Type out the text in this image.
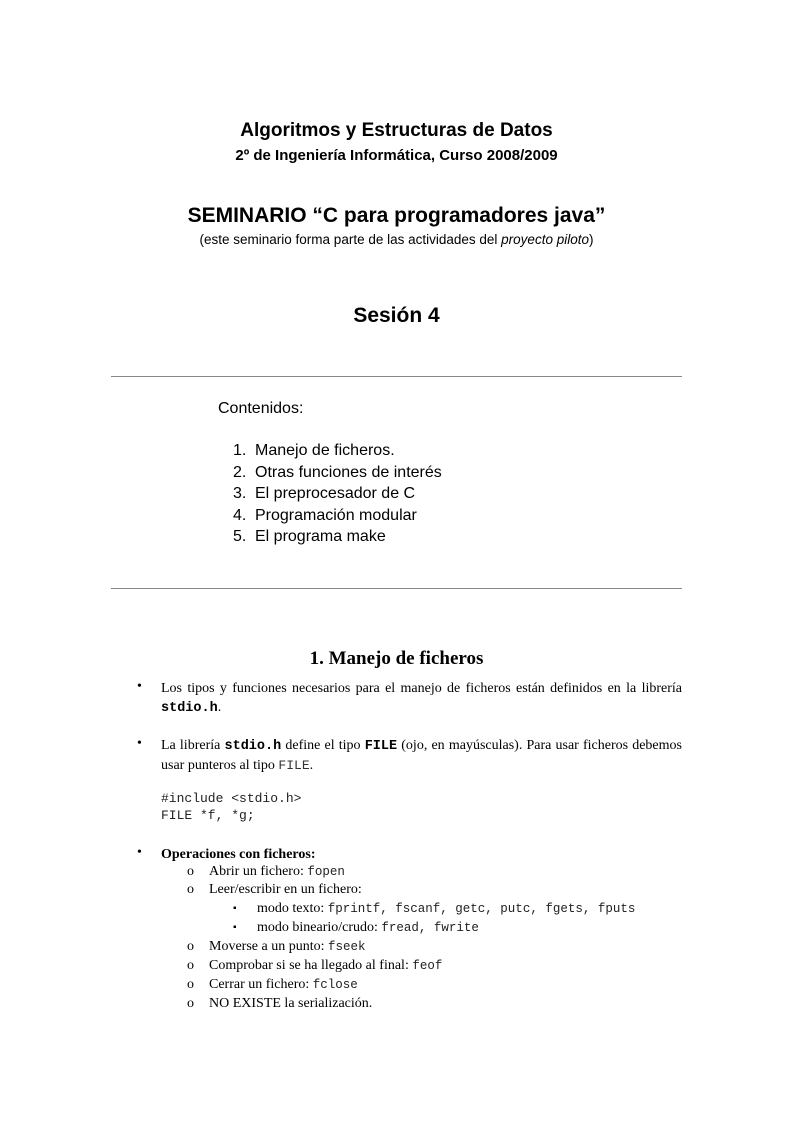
Algoritmos y Estructuras de Datos
2º de Ingeniería Informática, Curso 2008/2009
SEMINARIO “C para programadores java”
(este seminario forma parte de las actividades del proyecto piloto)
Sesión 4
Contenidos:
1. Manejo de ficheros.
2. Otras funciones de interés
3. El preprocesador de C
4. Programación modular
5. El programa make
1. Manejo de ficheros
• Los tipos y funciones necesarios para el manejo de ficheros están definidos en la librería stdio.h.
• La librería stdio.h define el tipo FILE (ojo, en mayúsculas). Para usar ficheros debemos usar punteros al tipo FILE.
#include <stdio.h>
FILE *f, *g;
• Operaciones con ficheros:
o Abrir un fichero: fopen
o Leer/escribir en un fichero:
▪ modo texto: fprintf, fscanf, getc, putc, fgets, fputs
▪ modo bineario/crudo: fread, fwrite
o Moverse a un punto: fseek
o Comprobar si se ha llegado al final: feof
o Cerrar un fichero: fclose
o NO EXISTE la serialización.
